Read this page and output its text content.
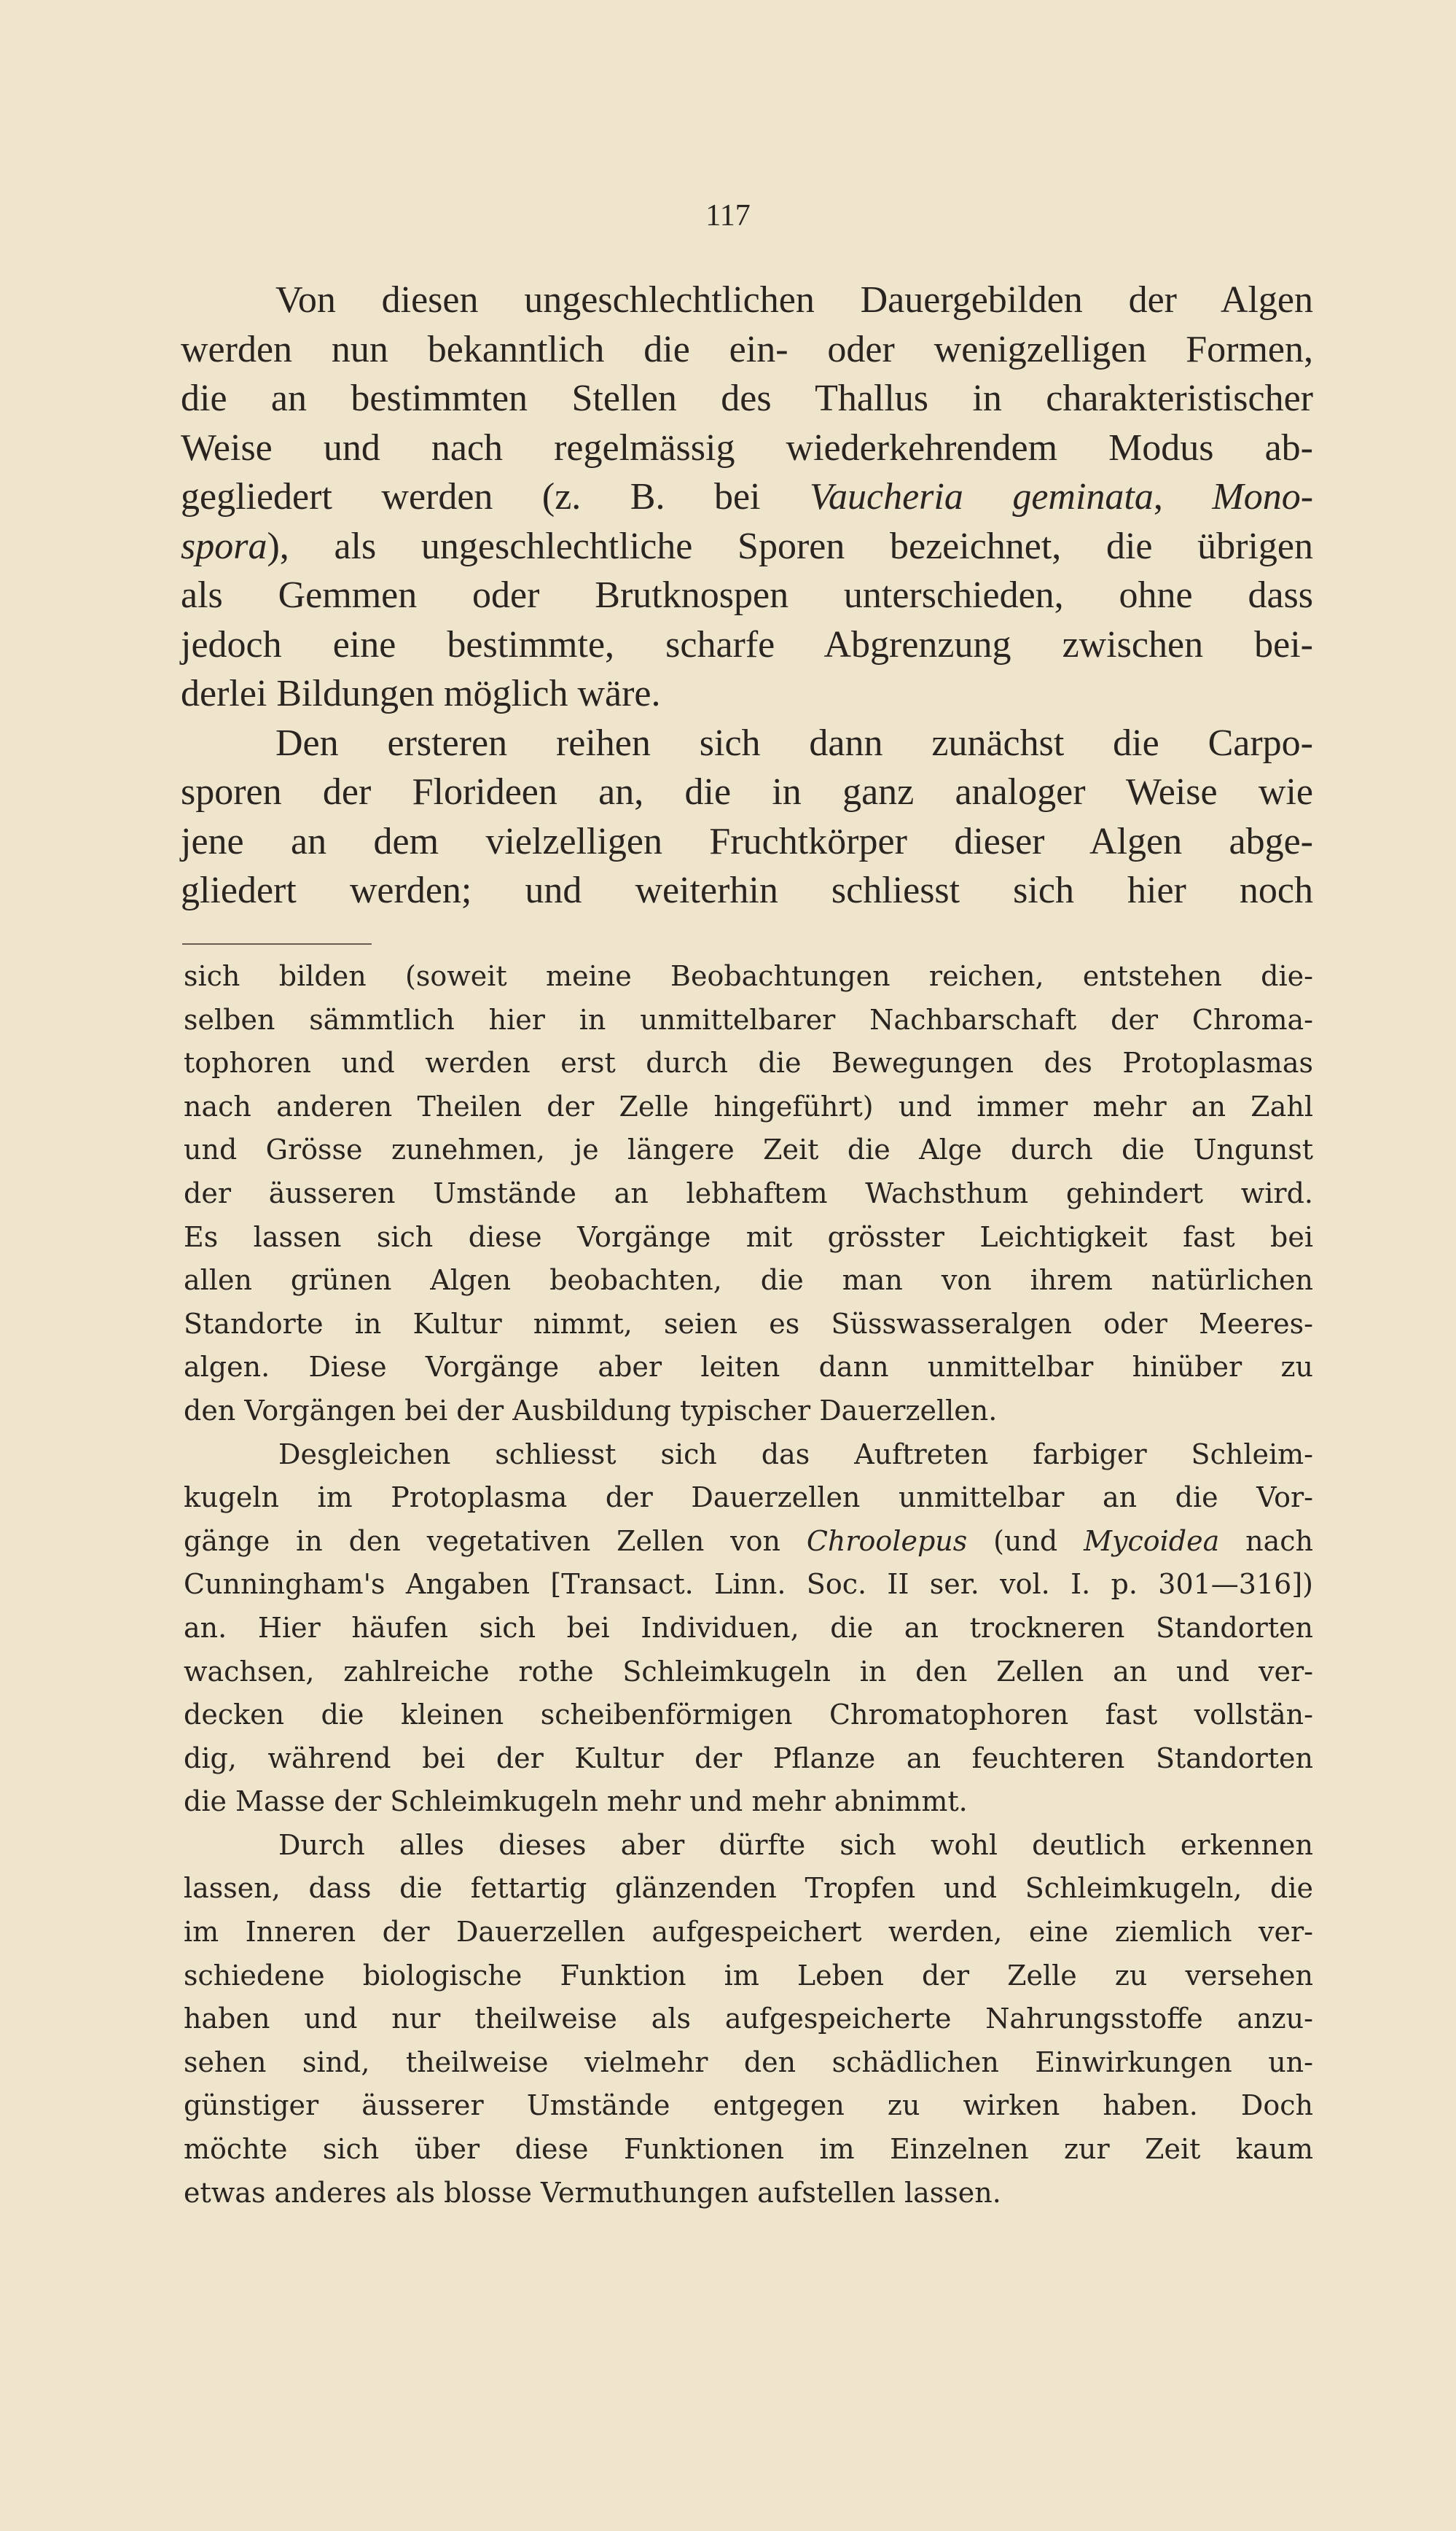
117
Von diesen ungeschlechtlichen Dauergebilden der Algen
werden nun bekanntlich die ein- oder wenigzelligen Formen,
die an bestimmten Stellen des Thallus in charakteristischer
Weise und nach regelmässig wiederkehrendem Modus ab-
gegliedert werden (z. B. bei Vaucheria geminata, Mono-
spora), als ungeschlechtliche Sporen bezeichnet, die übrigen
als Gemmen oder Brutknospen unterschieden, ohne dass
jedoch eine bestimmte, scharfe Abgrenzung zwischen bei-
derlei Bildungen möglich wäre.
Den ersteren reihen sich dann zunächst die Carpo-
sporen der Florideen an, die in ganz analoger Weise wie
jene an dem vielzelligen Fruchtkörper dieser Algen abge-
gliedert werden; und weiterhin schliesst sich hier noch
sich bilden (soweit meine Beobachtungen reichen, entstehen die-
selben sämmtlich hier in unmittelbarer Nachbarschaft der Chroma-
tophoren und werden erst durch die Bewegungen des Protoplasmas
nach anderen Theilen der Zelle hingeführt) und immer mehr an Zahl
und Grösse zunehmen, je längere Zeit die Alge durch die Ungunst
der äusseren Umstände an lebhaftem Wachsthum gehindert wird.
Es lassen sich diese Vorgänge mit grösster Leichtigkeit fast bei
allen grünen Algen beobachten, die man von ihrem natürlichen
Standorte in Kultur nimmt, seien es Süsswasseralgen oder Meeres-
algen. Diese Vorgänge aber leiten dann unmittelbar hinüber zu
den Vorgängen bei der Ausbildung typischer Dauerzellen.
Desgleichen schliesst sich das Auftreten farbiger Schleim-
kugeln im Protoplasma der Dauerzellen unmittelbar an die Vor-
gänge in den vegetativen Zellen von Chroolepus (und Mycoidea nach
Cunningham's Angaben [Transact. Linn. Soc. II ser. vol. I. p. 301—316])
an. Hier häufen sich bei Individuen, die an trockneren Standorten
wachsen, zahlreiche rothe Schleimkugeln in den Zellen an und ver-
decken die kleinen scheibenförmigen Chromatophoren fast vollstän-
dig, während bei der Kultur der Pflanze an feuchteren Standorten
die Masse der Schleimkugeln mehr und mehr abnimmt.
Durch alles dieses aber dürfte sich wohl deutlich erkennen
lassen, dass die fettartig glänzenden Tropfen und Schleimkugeln, die
im Inneren der Dauerzellen aufgespeichert werden, eine ziemlich ver-
schiedene biologische Funktion im Leben der Zelle zu versehen
haben und nur theilweise als aufgespeicherte Nahrungsstoffe anzu-
sehen sind, theilweise vielmehr den schädlichen Einwirkungen un-
günstiger äusserer Umstände entgegen zu wirken haben. Doch
möchte sich über diese Funktionen im Einzelnen zur Zeit kaum
etwas anderes als blosse Vermuthungen aufstellen lassen.
